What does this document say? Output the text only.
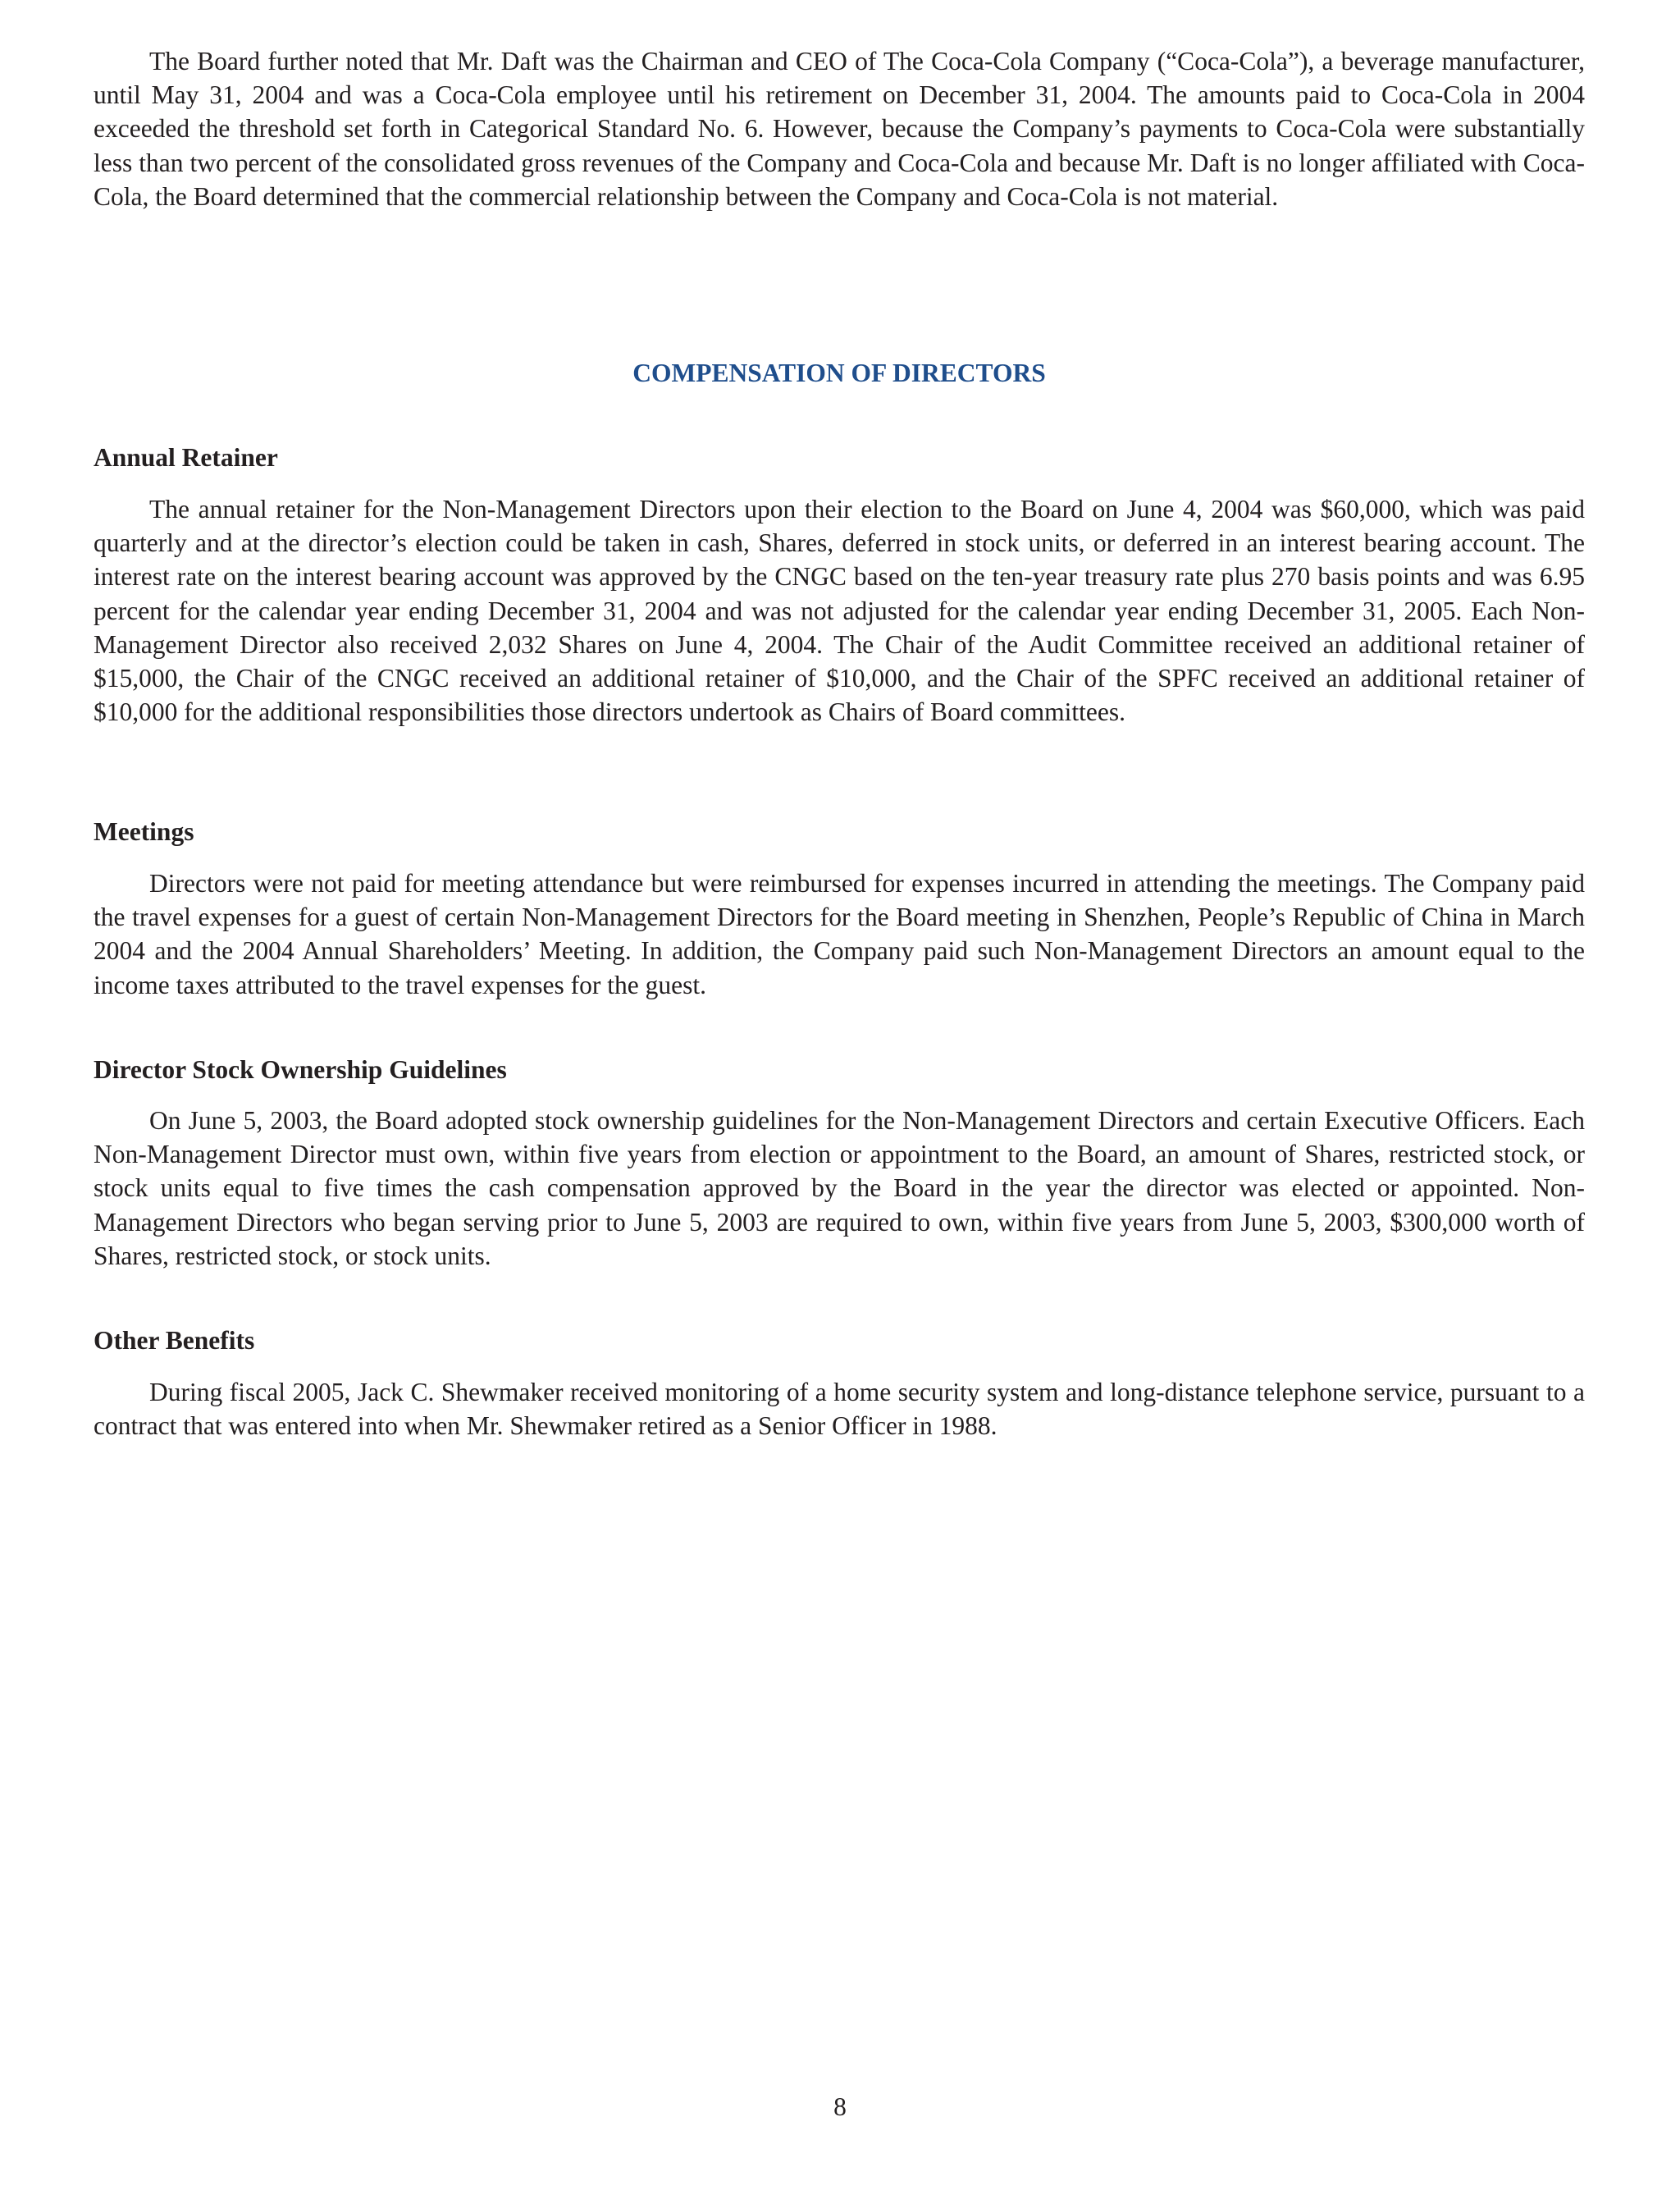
The Board further noted that Mr. Daft was the Chairman and CEO of The Coca-Cola Company (“Coca-Cola”), a beverage manufacturer, until May 31, 2004 and was a Coca-Cola employee until his retirement on December 31, 2004. The amounts paid to Coca-Cola in 2004 exceeded the threshold set forth in Categorical Standard No. 6. However, because the Company’s payments to Coca-Cola were substantially less than two percent of the consolidated gross revenues of the Company and Coca-Cola and because Mr. Daft is no longer affiliated with Coca-Cola, the Board determined that the commercial relationship between the Company and Coca-Cola is not material.

COMPENSATION OF DIRECTORS
Annual Retainer

The annual retainer for the Non-Management Directors upon their election to the Board on June 4, 2004 was $60,000, which was paid quarterly and at the director’s election could be taken in cash, Shares, deferred in stock units, or deferred in an interest bearing account. The interest rate on the interest bearing account was approved by the CNGC based on the ten-year treasury rate plus 270 basis points and was 6.95 percent for the calendar year ending December 31, 2004 and was not adjusted for the calendar year ending December 31, 2005. Each Non-Management Director also received 2,032 Shares on June 4, 2004. The Chair of the Audit Committee received an additional retainer of $15,000, the Chair of the CNGC received an additional retainer of $10,000, and the Chair of the SPFC received an additional retainer of $10,000 for the additional responsibilities those directors undertook as Chairs of Board committees.

Meetings

Directors were not paid for meeting attendance but were reimbursed for expenses incurred in attending the meetings. The Company paid the travel expenses for a guest of certain Non-Management Directors for the Board meeting in Shenzhen, People’s Republic of China in March 2004 and the 2004 Annual Shareholders’ Meeting. In addition, the Company paid such Non-Management Directors an amount equal to the income taxes attributed to the travel expenses for the guest.

Director Stock Ownership Guidelines

On June 5, 2003, the Board adopted stock ownership guidelines for the Non-Management Directors and certain Executive Officers. Each Non-Management Director must own, within five years from election or appointment to the Board, an amount of Shares, restricted stock, or stock units equal to five times the cash compensation approved by the Board in the year the director was elected or appointed. Non-Management Directors who began serving prior to June 5, 2003 are required to own, within five years from June 5, 2003, $300,000 worth of Shares, restricted stock, or stock units.

Other Benefits

During fiscal 2005, Jack C. Shewmaker received monitoring of a home security system and long-distance telephone service, pursuant to a contract that was entered into when Mr. Shewmaker retired as a Senior Officer in 1988.

8
